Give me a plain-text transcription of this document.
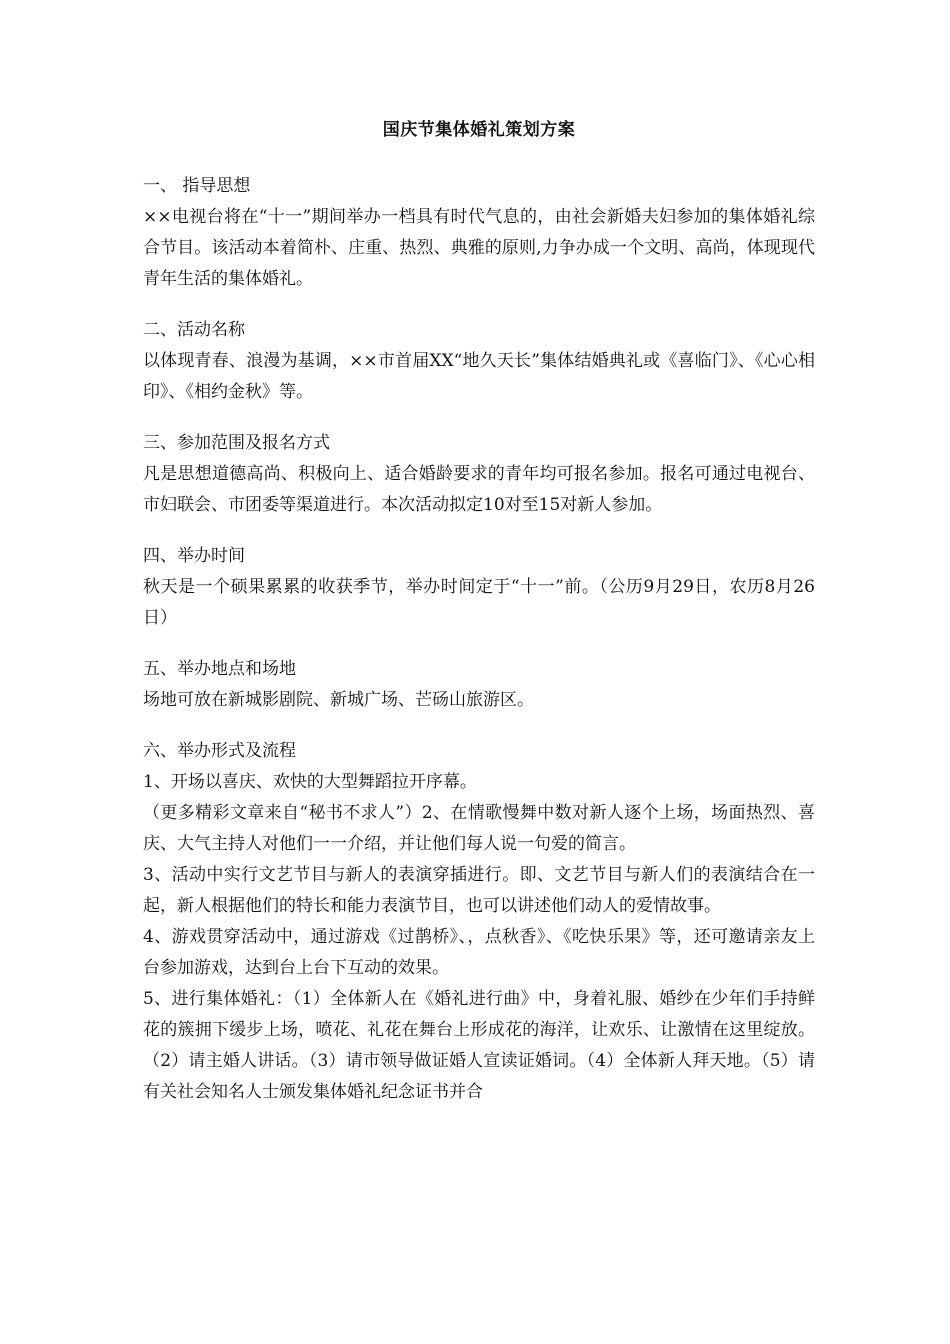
国庆节集体婚礼策划方案

一、 指导思想

××电视台将在“十一”期间举办一档具有时代气息的，由社会新婚夫妇参加的集体婚礼综合节目。该活动本着简朴、庄重、热烈、典雅的原则,力争办成一个文明、高尚，体现现代青年生活的集体婚礼。

二、活动名称

以体现青春、浪漫为基调，××市首届XX“地久天长”集体结婚典礼或《喜临门》、《心心相印》、《相约金秋》等。

三、参加范围及报名方式

凡是思想道德高尚、积极向上、适合婚龄要求的青年均可报名参加。报名可通过电视台、市妇联会、市团委等渠道进行。本次活动拟定10对至15对新人参加。

四、举办时间

秋天是一个硕果累累的收获季节，举办时间定于“十一”前。（公历9月29日，农历8月26日）

五、举办地点和场地

场地可放在新城影剧院、新城广场、芒砀山旅游区。

六、举办形式及流程

1、开场以喜庆、欢快的大型舞蹈拉开序幕。

（更多精彩文章来自“秘书不求人”）2、在情歌慢舞中数对新人逐个上场，场面热烈、喜庆、大气主持人对他们一一介绍，并让他们每人说一句爱的简言。

3、活动中实行文艺节目与新人的表演穿插进行。即、文艺节目与新人们的表演结合在一起，新人根据他们的特长和能力表演节目，也可以讲述他们动人的爱情故事。

4、游戏贯穿活动中，通过游戏《过鹊桥》、，点秋香》、《吃快乐果》等，还可邀请亲友上台参加游戏，达到台上台下互动的效果。

5、进行集体婚礼：（1）全体新人在《婚礼进行曲》中，身着礼服、婚纱在少年们手持鲜花的簇拥下缓步上场，喷花、礼花在舞台上形成花的海洋，让欢乐、让激情在这里绽放。（2）请主婚人讲话。（3）请市领导做证婚人宣读证婚词。（4）全体新人拜天地。（5）请有关社会知名人士颁发集体婚礼纪念证书并合
